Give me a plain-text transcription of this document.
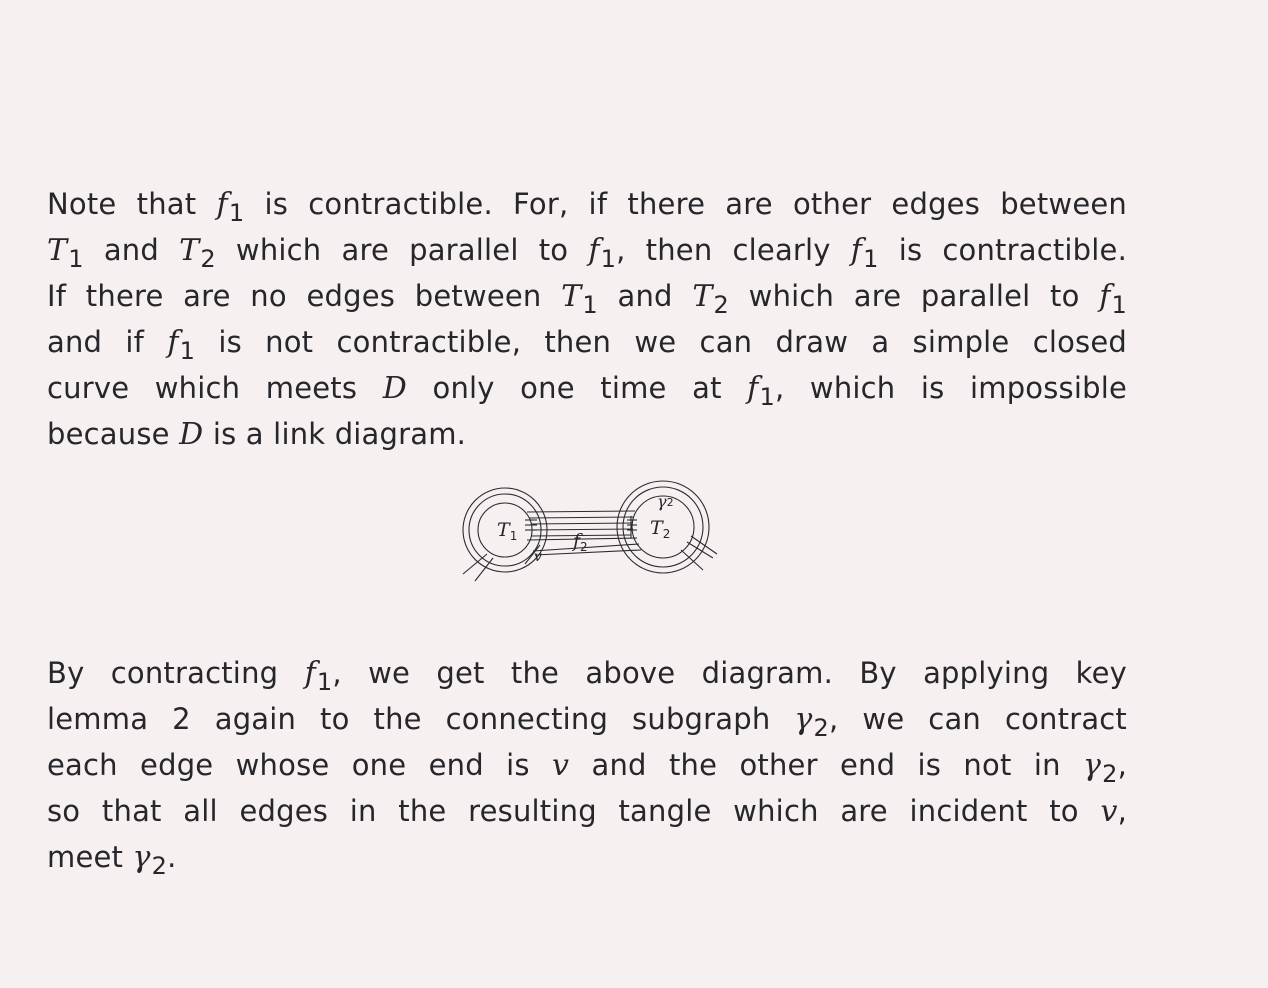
Note that $f_1$ is contractible. For, if there are other edges between
$T_1$ and $T_2$ which are parallel to $f_1$, then clearly $f_1$ is contractible.
If there are no edges between $T_1$ and $T_2$ which are parallel to $f_1$
and if $f_1$ is not contractible, then we can draw a simple closed
curve which meets D only one time at $f_1$, which is impossible
because D is a link diagram.
$T_1$	$f_2$
$T_2$
γ2
v
By contracting $f_1$, we get the above diagram. By applying key
lemma 2 again to the connecting subgraph $\gamma_2$, we can contract
each edge whose one end is v and the other end is not in $\gamma_2$,
so that all edges in the resulting tangle which are incident to v,
meet $\gamma_2$.
